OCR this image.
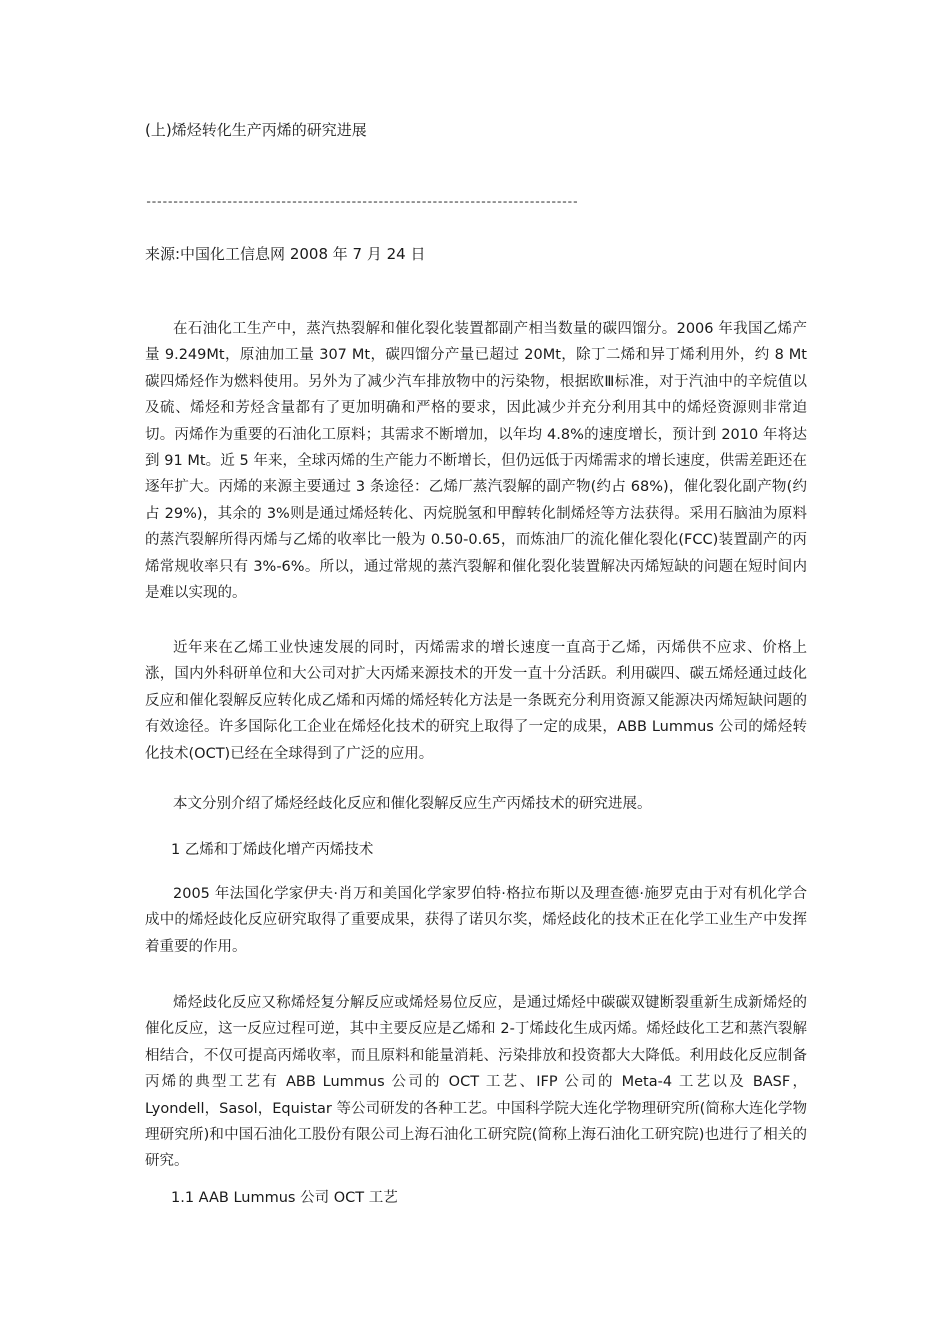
(上)烯烃转化生产丙烯的研究进展
--------------------------------------------------------------------------------
来源:中国化工信息网 2008 年 7 月 24 日

在石油化工生产中，蒸汽热裂解和催化裂化装置都副产相当数量的碳四馏分。2006 年我国乙烯产量 9.249Mt，原油加工量 307 Mt，碳四馏分产量已超过 20Mt，除丁二烯和异丁烯利用外，约 8 Mt 碳四烯烃作为燃料使用。另外为了减少汽车排放物中的污染物，根据欧Ⅲ标准，对于汽油中的辛烷值以及硫、烯烃和芳烃含量都有了更加明确和严格的要求，因此减少并充分利用其中的烯烃资源则非常迫切。丙烯作为重要的石油化工原料；其需求不断增加，以年均 4.8%的速度增长，预计到 2010 年将达到 91 Mt。近 5 年来，全球丙烯的生产能力不断增长，但仍远低于丙烯需求的增长速度，供需差距还在逐年扩大。丙烯的来源主要通过 3 条途径：乙烯厂蒸汽裂解的副产物(约占 68%)，催化裂化副产物(约占 29%)，其余的 3%则是通过烯烃转化、丙烷脱氢和甲醇转化制烯烃等方法获得。采用石脑油为原料的蒸汽裂解所得丙烯与乙烯的收率比一般为 0.50-0.65，而炼油厂的流化催化裂化(FCC)装置副产的丙烯常规收率只有 3%-6%。所以，通过常规的蒸汽裂解和催化裂化装置解决丙烯短缺的问题在短时间内是难以实现的。

近年来在乙烯工业快速发展的同时，丙烯需求的增长速度一直高于乙烯，丙烯供不应求、价格上涨，国内外科研单位和大公司对扩大丙烯来源技术的开发一直十分活跃。利用碳四、碳五烯烃通过歧化反应和催化裂解反应转化成乙烯和丙烯的烯烃转化方法是一条既充分利用资源又能源决丙烯短缺问题的有效途径。许多国际化工企业在烯烃化技术的研究上取得了一定的成果，ABB Lummus 公司的烯烃转化技术(OCT)已经在全球得到了广泛的应用。

本文分别介绍了烯烃经歧化反应和催化裂解反应生产丙烯技术的研究进展。

1 乙烯和丁烯歧化增产丙烯技术

2005 年法国化学家伊夫·肖万和美国化学家罗伯特·格拉布斯以及理查德·施罗克由于对有机化学合成中的烯烃歧化反应研究取得了重要成果，获得了诺贝尔奖，烯烃歧化的技术正在化学工业生产中发挥着重要的作用。

烯烃歧化反应又称烯烃复分解反应或烯烃易位反应，是通过烯烃中碳碳双键断裂重新生成新烯烃的催化反应，这一反应过程可逆，其中主要反应是乙烯和 2-丁烯歧化生成丙烯。烯烃歧化工艺和蒸汽裂解相结合，不仅可提高丙烯收率，而且原料和能量消耗、污染排放和投资都大大降低。利用歧化反应制备丙烯的典型工艺有 ABB Lummus 公司的 OCT 工艺、IFP 公司的 Meta-4 工艺以及 BASF，Lyondell，Sasol，Equistar 等公司研发的各种工艺。中国科学院大连化学物理研究所(简称大连化学物理研究所)和中国石油化工股份有限公司上海石油化工研究院(简称上海石油化工研究院)也进行了相关的研究。

1.1 AAB Lummus 公司 OCT 工艺
